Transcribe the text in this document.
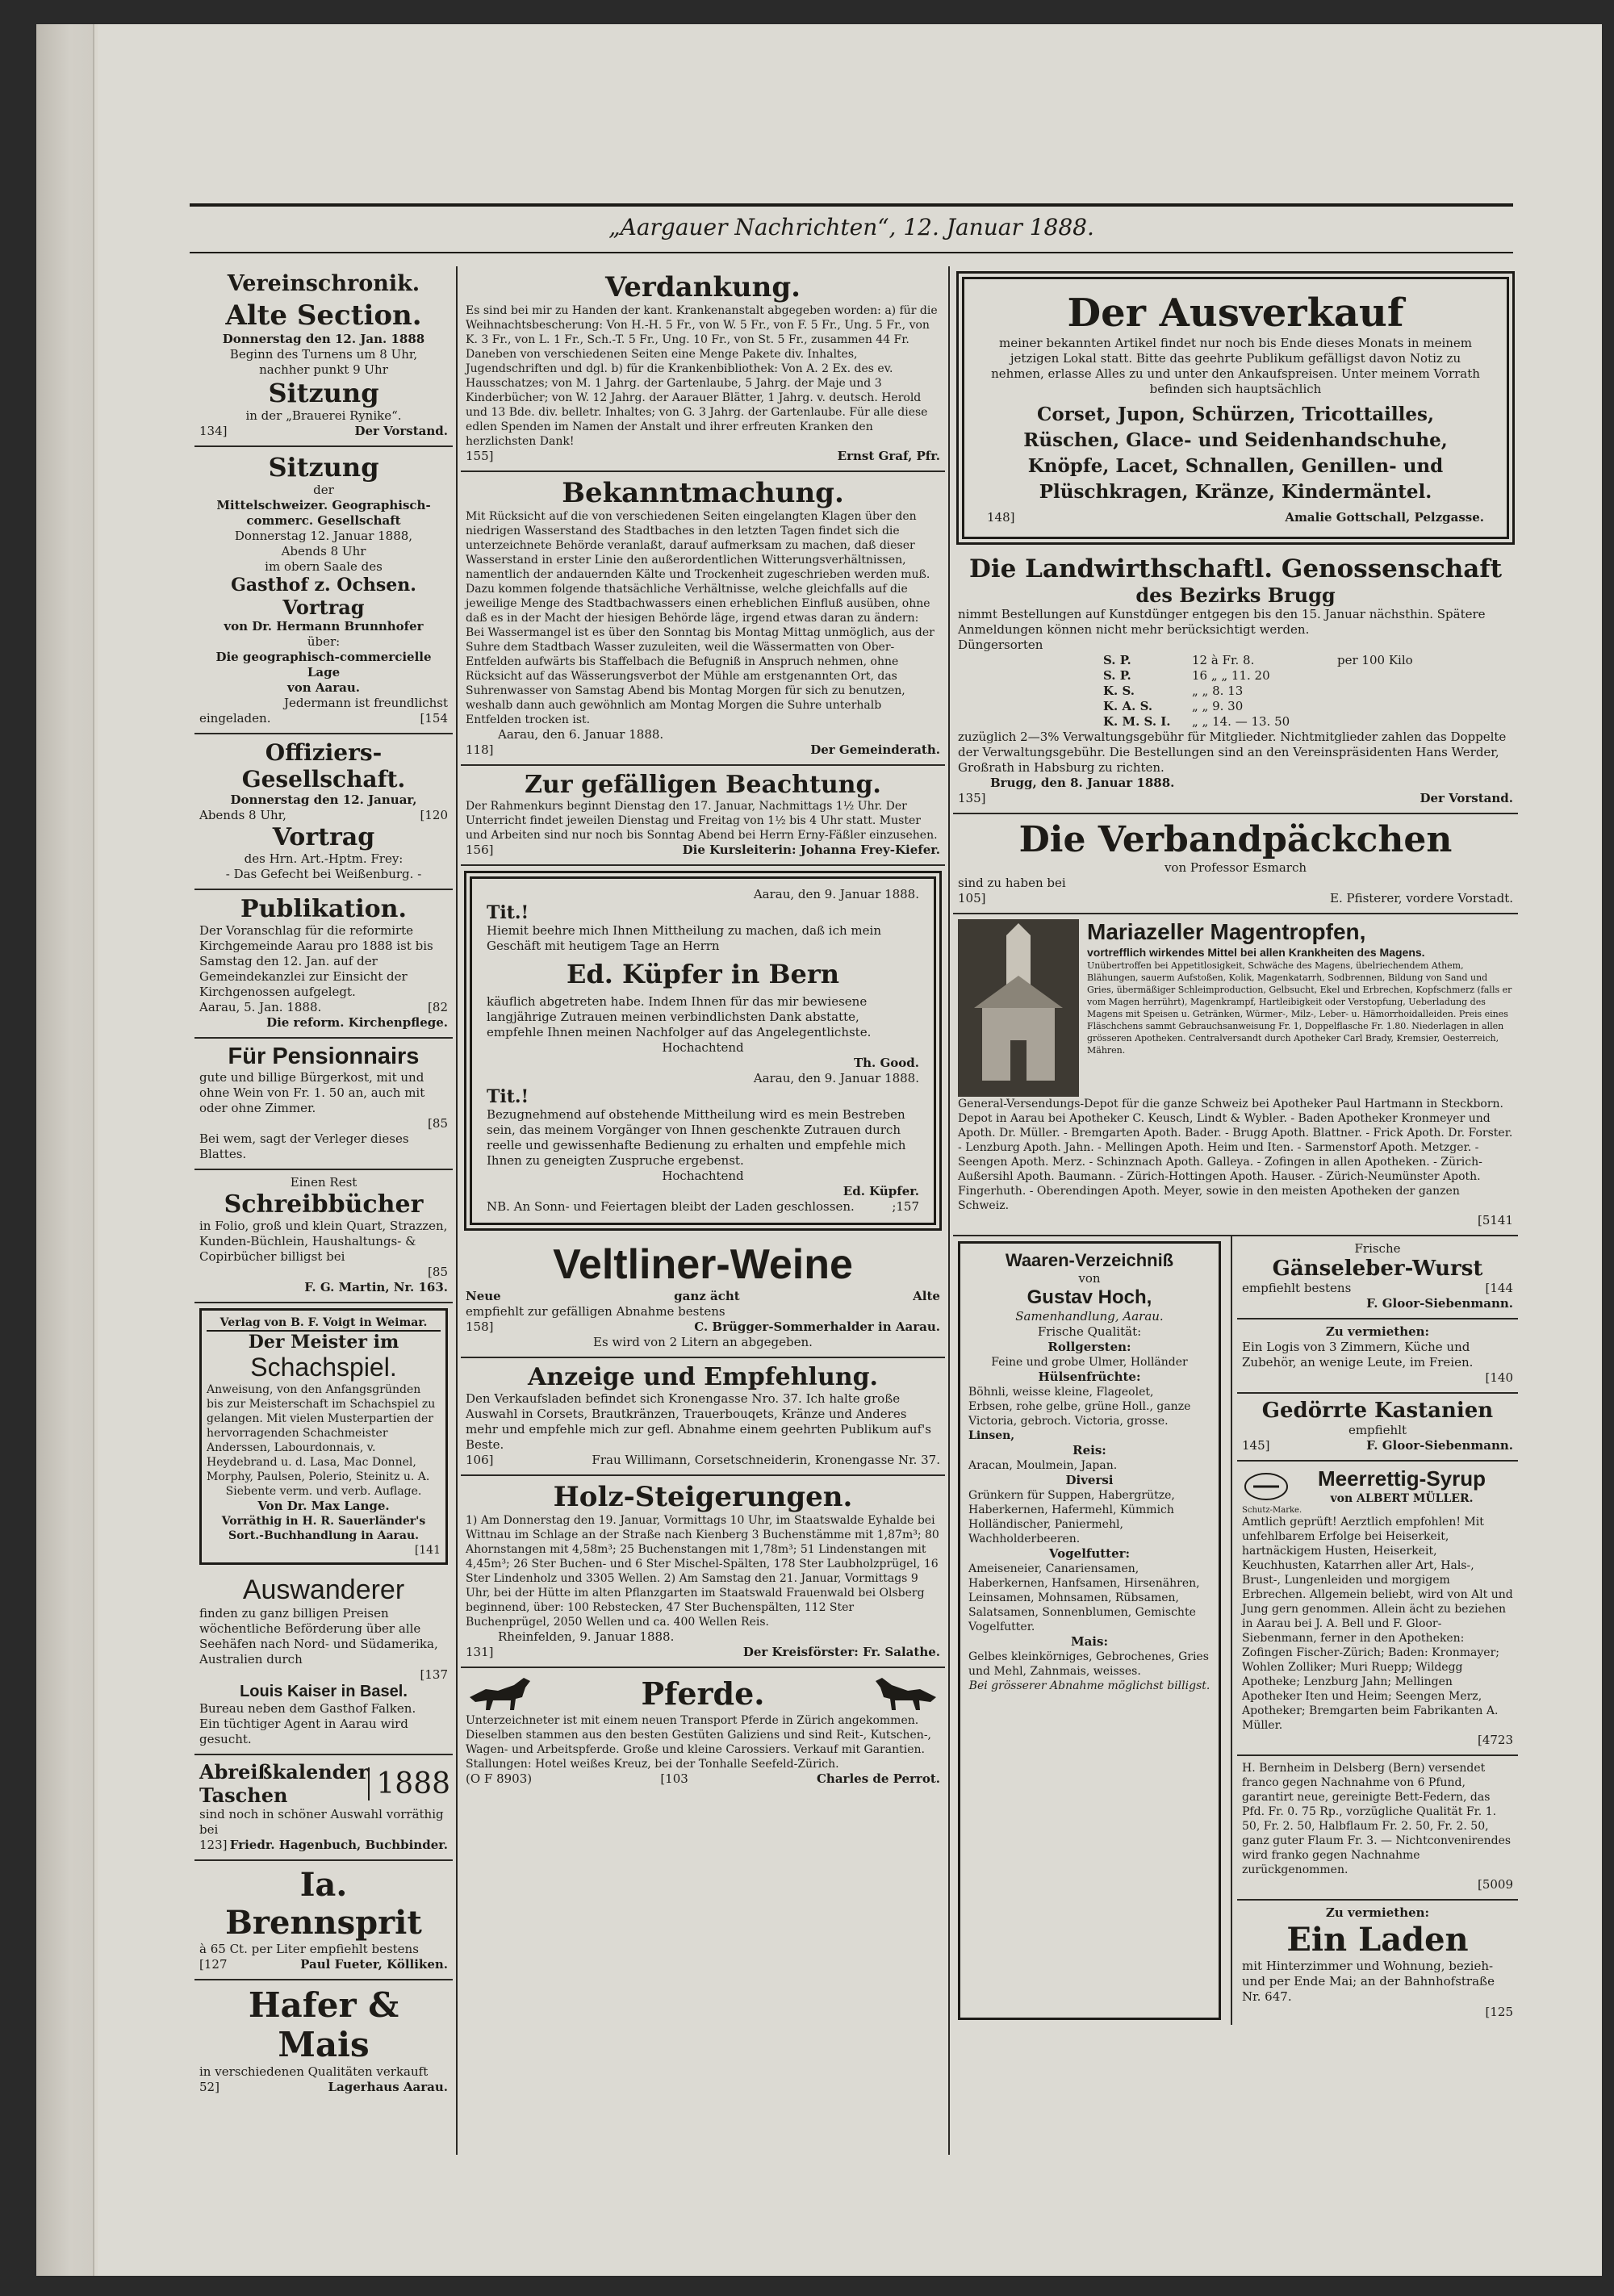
„Aargauer Nachrichten“, 12. Januar 1888.
Vereinschronik.
Alte Section.
Donnerstag den 12. Jan. 1888
Beginn des Turnens um 8 Uhr,
nachher punkt 9 Uhr
Sitzung
in der „Brauerei Rynike“.
134]	Der Vorstand.
Sitzung
der
Mittelschweizer. Geographisch-
commerc. Gesellschaft
Donnerstag 12. Januar 1888,
Abends 8 Uhr
im obern Saale des
Gasthof z. Ochsen.
Vortrag
von Dr. Hermann Brunnhofer
über:
Die geographisch-commercielle Lage
von Aarau.
Jedermann ist freundlichst
eingeladen.	[154
Offiziers-Gesellschaft.
Donnerstag den 12. Januar,
Abends 8 Uhr,	[120
Vortrag
des Hrn. Art.-Hptm. Frey:
- Das Gefecht bei Weißenburg. -
Publikation.
Der Voranschlag für die reformirte Kirchgemeinde Aarau pro 1888 ist bis Samstag den 12. Jan. auf der Gemeindekanzlei zur Einsicht der Kirchgenossen aufgelegt.
Aarau, 5. Jan. 1888.	[82
Die reform. Kirchenpflege.
Für Pensionnairs
gute und billige Bürgerkost, mit und ohne Wein von Fr. 1. 50 an, auch mit oder ohne Zimmer.
[85
Bei wem, sagt der Verleger dieses Blattes.
Einen Rest
Schreibbücher
in Folio, groß und klein Quart, Strazzen, Kunden-Büchlein, Haushaltungs- & Copirbücher billigst bei
[85
F. G. Martin, Nr. 163.
Verlag von B. F. Voigt in Weimar.
Der Meister im
Schachspiel.
Anweisung, von den Anfangsgründen bis zur Meisterschaft im Schachspiel zu gelangen. Mit vielen Musterpartien der hervorragenden Schachmeister Anderssen, Labourdonnais, v. Heydebrand u. d. Lasa, Mac Donnel, Morphy, Paulsen, Polerio, Steinitz u. A.
Siebente verm. und verb. Auflage.
Von Dr. Max Lange.
Vorräthig in H. R. Sauerländer's Sort.-Buchhandlung in Aarau.
[141
Auswanderer
finden zu ganz billigen Preisen wöchentliche Beförderung über alle Seehäfen nach Nord- und Südamerika, Australien durch
[137
Louis Kaiser in Basel.
Bureau neben dem Gasthof Falken.
Ein tüchtiger Agent in Aarau wird gesucht.
Abreißkalender
Taschen	1888
sind noch in schöner Auswahl vorräthig bei
123] Friedr. Hagenbuch, Buchbinder.
Ia. Brennsprit
à 65 Ct. per Liter empfiehlt bestens
[127	Paul Fueter, Kölliken.
Hafer & Mais
in verschiedenen Qualitäten verkauft
52]	Lagerhaus Aarau.
Verdankung.
Es sind bei mir zu Handen der kant. Krankenanstalt abgegeben worden: a) für die Weihnachtsbescherung: Von H.-H. 5 Fr., von W. 5 Fr., von F. 5 Fr., Ung. 5 Fr., von K. 3 Fr., von L. 1 Fr., Sch.-T. 5 Fr., Ung. 10 Fr., von St. 5 Fr., zusammen 44 Fr. Daneben von verschiedenen Seiten eine Menge Pakete div. Inhaltes, Jugendschriften und dgl. b) für die Krankenbibliothek: Von A. 2 Ex. des ev. Hausschatzes; von M. 1 Jahrg. der Gartenlaube, 5 Jahrg. der Maje und 3 Kinderbücher; von W. 12 Jahrg. der Aarauer Blätter, 1 Jahrg. v. deutsch. Herold und 13 Bde. div. belletr. Inhaltes; von G. 3 Jahrg. der Gartenlaube. Für alle diese edlen Spenden im Namen der Anstalt und ihrer erfreuten Kranken den herzlichsten Dank!
155]	Ernst Graf, Pfr.
Bekanntmachung.
Mit Rücksicht auf die von verschiedenen Seiten eingelangten Klagen über den niedrigen Wasserstand des Stadtbaches in den letzten Tagen findet sich die unterzeichnete Behörde veranlaßt, darauf aufmerksam zu machen, daß dieser Wasserstand in erster Linie den außerordentlichen Witterungsverhältnissen, namentlich der andauernden Kälte und Trockenheit zugeschrieben werden muß. Dazu kommen folgende thatsächliche Verhältnisse, welche gleichfalls auf die jeweilige Menge des Stadtbachwassers einen erheblichen Einfluß ausüben, ohne daß es in der Macht der hiesigen Behörde läge, irgend etwas daran zu ändern: Bei Wassermangel ist es über den Sonntag bis Montag Mittag unmöglich, aus der Suhre dem Stadtbach Wasser zuzuleiten, weil die Wässermatten von Ober-Entfelden aufwärts bis Staffelbach die Befugniß in Anspruch nehmen, ohne Rücksicht auf das Wässerungsverbot der Mühle am erstgenannten Ort, das Suhrenwasser von Samstag Abend bis Montag Morgen für sich zu benutzen, weshalb dann auch gewöhnlich am Montag Morgen die Suhre unterhalb Entfelden trocken ist.
Aarau, den 6. Januar 1888.
118]	Der Gemeinderath.
Zur gefälligen Beachtung.
Der Rahmenkurs beginnt Dienstag den 17. Januar, Nachmittags 1½ Uhr. Der Unterricht findet jeweilen Dienstag und Freitag von 1½ bis 4 Uhr statt. Muster und Arbeiten sind nur noch bis Sonntag Abend bei Herrn Erny-Fäßler einzusehen.
156]	Die Kursleiterin: Johanna Frey-Kiefer.
Aarau, den 9. Januar 1888.
Tit.!
Hiemit beehre mich Ihnen Mittheilung zu machen, daß ich mein Geschäft mit heutigem Tage an Herrn
Ed. Küpfer in Bern
käuflich abgetreten habe. Indem Ihnen für das mir bewiesene langjährige Zutrauen meinen verbindlichsten Dank abstatte, empfehle Ihnen meinen Nachfolger auf das Angelegentlichste.
Hochachtend
Th. Good.
Aarau, den 9. Januar 1888.
Tit.!
Bezugnehmend auf obstehende Mittheilung wird es mein Bestreben sein, das meinem Vorgänger von Ihnen geschenkte Zutrauen durch reelle und gewissenhafte Bedienung zu erhalten und empfehle mich Ihnen zu geneigten Zuspruche ergebenst.
Hochachtend
Ed. Küpfer.
NB. An Sonn- und Feiertagen bleibt der Laden geschlossen.	;157
Veltliner-Weine
Neue	ganz ächt	Alte
empfiehlt zur gefälligen Abnahme bestens
158]	C. Brügger-Sommerhalder in Aarau.
Es wird von 2 Litern an abgegeben.
Anzeige und Empfehlung.
Den Verkaufsladen befindet sich Kronengasse Nro. 37. Ich halte große Auswahl in Corsets, Brautkränzen, Trauerbouqets, Kränze und Anderes mehr und empfehle mich zur gefl. Abnahme einem geehrten Publikum auf's Beste.
106]	Frau Willimann, Corsetschneiderin, Kronengasse Nr. 37.
Holz-Steigerungen.
1) Am Donnerstag den 19. Januar, Vormittags 10 Uhr, im Staatswalde Eyhalde bei Wittnau im Schlage an der Straße nach Kienberg 3 Buchenstämme mit 1,87m³; 80 Ahornstangen mit 4,58m³; 25 Buchenstangen mit 1,78m³; 51 Lindenstangen mit 4,45m³; 26 Ster Buchen- und 6 Ster Mischel-Spälten, 178 Ster Laubholzprügel, 16 Ster Lindenholz und 3305 Wellen. 2) Am Samstag den 21. Januar, Vormittags 9 Uhr, bei der Hütte im alten Pflanzgarten im Staatswald Frauenwald bei Olsberg beginnend, über: 100 Rebstecken, 47 Ster Buchenspälten, 112 Ster Buchenprügel, 2050 Wellen und ca. 400 Wellen Reis.
Rheinfelden, 9. Januar 1888.
131]	Der Kreisförster: Fr. Salathe.
Pferde.
Unterzeichneter ist mit einem neuen Transport Pferde in Zürich angekommen. Dieselben stammen aus den besten Gestüten Galiziens und sind Reit-, Kutschen-, Wagen- und Arbeitspferde. Große und kleine Carossiers. Verkauf mit Garantien. Stallungen: Hotel weißes Kreuz, bei der Tonhalle Seefeld-Zürich.
(O F 8903)	[103	Charles de Perrot.
Der Ausverkauf
meiner bekannten Artikel findet nur noch bis Ende dieses Monats in meinem jetzigen Lokal statt. Bitte das geehrte Publikum gefälligst davon Notiz zu nehmen, erlasse Alles zu und unter den Ankaufspreisen. Unter meinem Vorrath befinden sich hauptsächlich
Corset, Jupon, Schürzen, Tricottailles, Rüschen, Glace- und Seidenhandschuhe, Knöpfe, Lacet, Schnallen, Genillen- und Plüschkragen, Kränze, Kindermäntel.
148]	Amalie Gottschall, Pelzgasse.
Die Landwirthschaftl. Genossenschaft
des Bezirks Brugg
nimmt Bestellungen auf Kunstdünger entgegen bis den 15. Januar nächsthin. Spätere Anmeldungen können nicht mehr berücksichtigt werden.
Düngersorten
S. P.	12 à Fr. 8.	per 100 Kilo
S. P.	16 „ „ 11. 20
K. S.	„ „ 8. 13
K. A. S.	„ „ 9. 30
K. M. S. I.	„ „ 14. — 13. 50
zuzüglich 2—3% Verwaltungsgebühr für Mitglieder. Nichtmitglieder zahlen das Doppelte der Verwaltungsgebühr. Die Bestellungen sind an den Vereinspräsidenten Hans Werder, Großrath in Habsburg zu richten.
Brugg, den 8. Januar 1888.
135]	Der Vorstand.
Die Verbandpäckchen
von Professor Esmarch
sind zu haben bei
105]	E. Pfisterer, vordere Vorstadt.
Mariazeller Magentropfen,
vortrefflich wirkendes Mittel bei allen Krankheiten des Magens.
Unübertroffen bei Appetitlosigkeit, Schwäche des Magens, übelriechendem Athem, Blähungen, sauerm Aufstoßen, Kolik, Magenkatarrh, Sodbrennen, Bildung von Sand und Gries, übermäßiger Schleimproduction, Gelbsucht, Ekel und Erbrechen, Kopfschmerz (falls er vom Magen herrührt), Magenkrampf, Hartleibigkeit oder Verstopfung, Ueberladung des Magens mit Speisen u. Getränken, Würmer-, Milz-, Leber- u. Hämorrhoidalleiden. Preis eines Fläschchens sammt Gebrauchsanweisung Fr. 1, Doppelflasche Fr. 1.80. Niederlagen in allen grösseren Apotheken. Centralversandt durch Apotheker Carl Brady, Kremsier, Oesterreich, Mähren.
General-Versendungs-Depot für die ganze Schweiz bei Apotheker Paul Hartmann in Steckborn. Depot in Aarau bei Apotheker C. Keusch, Lindt & Wybler. - Baden Apotheker Kronmeyer und Apoth. Dr. Müller. - Bremgarten Apoth. Bader. - Brugg Apoth. Blattner. - Frick Apoth. Dr. Forster. - Lenzburg Apoth. Jahn. - Mellingen Apoth. Heim und Iten. - Sarmenstorf Apoth. Metzger. - Seengen Apoth. Merz. - Schinznach Apoth. Galleya. - Zofingen in allen Apotheken. - Zürich-Außersihl Apoth. Baumann. - Zürich-Hottingen Apoth. Hauser. - Zürich-Neumünster Apoth. Fingerhuth. - Oberendingen Apoth. Meyer, sowie in den meisten Apotheken der ganzen Schweiz.
[5141
Waaren-Verzeichniß
von
Gustav Hoch,
Samenhandlung, Aarau.
Frische Qualität:
Rollgersten:
Feine und grobe Ulmer, Holländer
Hülsenfrüchte:
Böhnli, weisse kleine, Flageolet,
Erbsen, rohe gelbe, grüne Holl., ganze Victoria, gebroch. Victoria, grosse.
Linsen,
Reis:
Aracan, Moulmein, Japan.
Diversi
Grünkern für Suppen, Habergrütze, Haberkernen, Hafermehl, Kümmich Holländischer, Paniermehl, Wachholderbeeren.
Vogelfutter:
Ameiseneier, Canariensamen, Haberkernen, Hanfsamen, Hirsenähren, Leinsamen, Mohnsamen, Rübsamen, Salatsamen, Sonnenblumen, Gemischte Vogelfutter.
Mais:
Gelbes kleinkörniges, Gebrochenes, Gries und Mehl, Zahnmais, weisses.
Bei grösserer Abnahme möglichst billigst.
Frische
Gänseleber-Wurst
empfiehlt bestens	[144
F. Gloor-Siebenmann.
Zu vermiethen:
Ein Logis von 3 Zimmern, Küche und Zubehör, an wenige Leute, im Freien.
[140
Gedörrte Kastanien
empfiehlt
145]	F. Gloor-Siebenmann.
Meerrettig-Syrup
von ALBERT MÜLLER.
Schutz-Marke.
Amtlich geprüft! Aerztlich empfohlen! Mit unfehlbarem Erfolge bei Heiserkeit, hartnäckigem Husten, Heiserkeit, Keuchhusten, Katarrhen aller Art, Hals-, Brust-, Lungenleiden und morgigem Erbrechen. Allgemein beliebt, wird von Alt und Jung gern genommen. Allein ächt zu beziehen in Aarau bei J. A. Bell und F. Gloor-Siebenmann, ferner in den Apotheken: Zofingen Fischer-Zürich; Baden: Kronmayer; Wohlen Zolliker; Muri Ruepp; Wildegg Apotheke; Lenzburg Jahn; Mellingen Apotheker Iten und Heim; Seengen Merz, Apotheker; Bremgarten beim Fabrikanten A. Müller.
[4723
H. Bernheim in Delsberg (Bern) versendet franco gegen Nachnahme von 6 Pfund, garantirt neue, gereinigte Bett-Federn, das Pfd. Fr. 0. 75 Rp., vorzügliche Qualität Fr. 1. 50, Fr. 2. 50, Halbflaum Fr. 2. 50, Fr. 2. 50, ganz guter Flaum Fr. 3. — Nichtconvenirendes wird franko gegen Nachnahme zurückgenommen.
[5009
Zu vermiethen:
Ein Laden
mit Hinterzimmer und Wohnung, bezieh- und per Ende Mai; an der Bahnhofstraße Nr. 647.
[125
